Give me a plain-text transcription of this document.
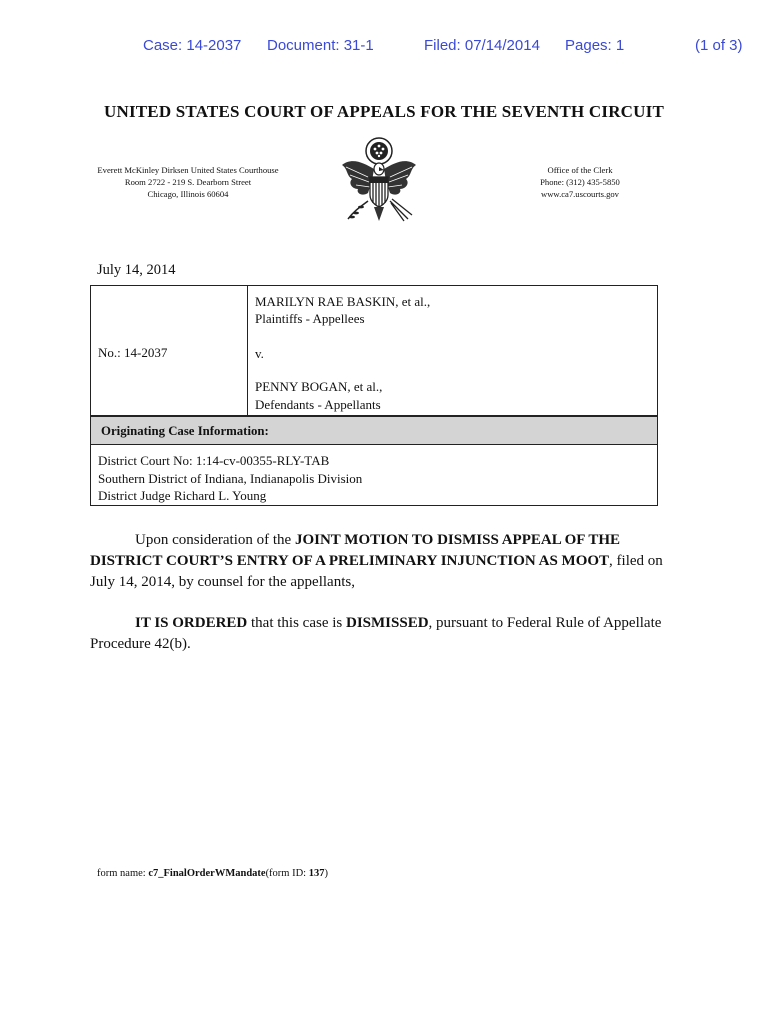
Case: 14-2037 Document: 31-1	Filed: 07/14/2014 Pages: 1	(1 of 3)
UNITED STATES COURT OF APPEALS FOR THE SEVENTH CIRCUIT
Everett McKinley Dirksen United States Courthouse
Room 2722 - 219 S. Dearborn Street
Chicago, Illinois 60604
Office of the Clerk
Phone: (312) 435-5850
www.ca7.uscourts.gov
July 14, 2014
No.: 14-2037
MARILYN RAE BASKIN, et al.,
Plaintiffs - Appellees
v.
PENNY BOGAN, et al.,
Defendants - Appellants
Originating Case Information:
District Court No: 1:14-cv-00355-RLY-TAB
Southern District of Indiana, Indianapolis Division
District Judge Richard L. Young
Upon consideration of the JOINT MOTION TO DISMISS APPEAL OF THE DISTRICT COURT’S ENTRY OF A PRELIMINARY INJUNCTION AS MOOT, filed on July 14, 2014, by counsel for the appellants,
IT IS ORDERED that this case is DISMISSED, pursuant to Federal Rule of Appellate Procedure 42(b).
form name: c7_FinalOrderWMandate(form ID: 137)
